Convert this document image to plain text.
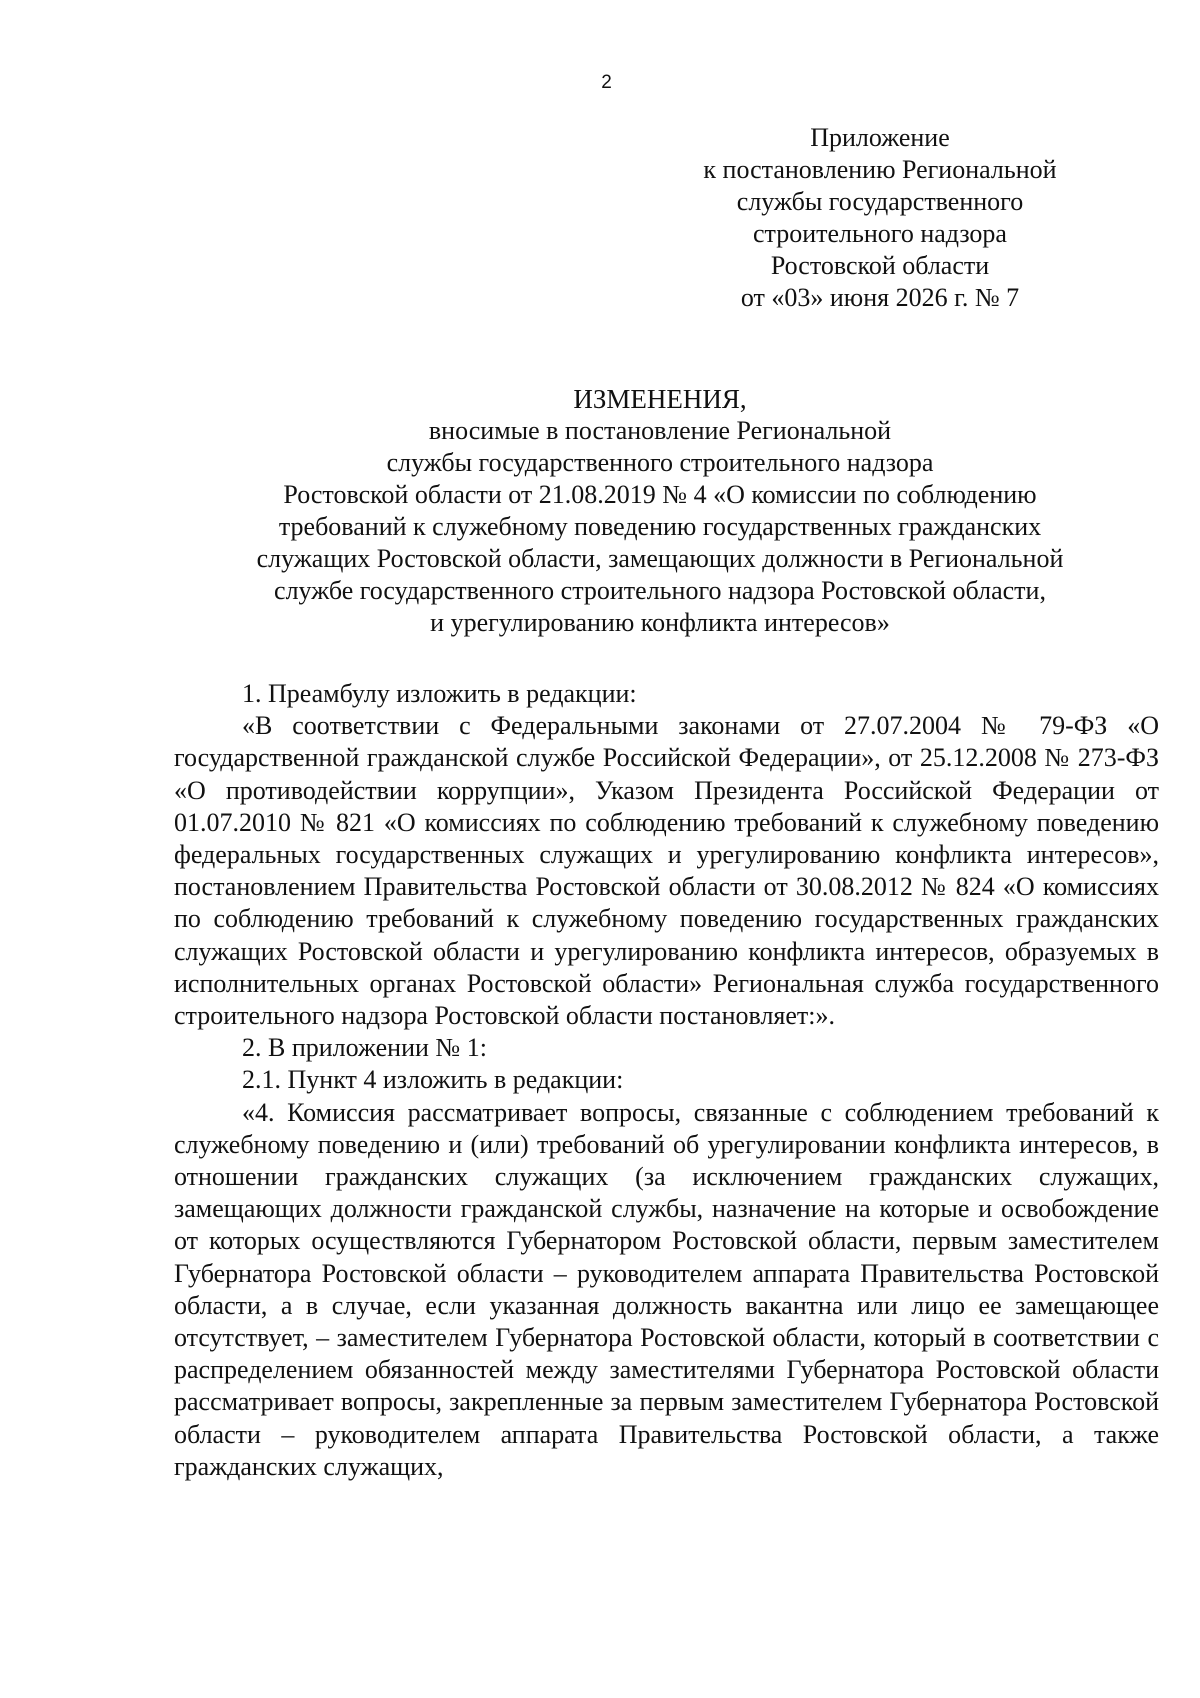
2
Приложение
к постановлению Региональной
службы государственного
строительного надзора
Ростовской области
от «03» июня 2026 г. № 7
ИЗМЕНЕНИЯ,
вносимые в постановление Региональной
службы государственного строительного надзора
Ростовской области от 21.08.2019 № 4 «О комиссии по соблюдению
требований к служебному поведению государственных гражданских
служащих Ростовской области, замещающих должности в Региональной
службе государственного строительного надзора Ростовской области,
и урегулированию конфликта интересов»

1. Преамбулу изложить в редакции:

«В соответствии с Федеральными законами от 27.07.2004 № 79-ФЗ «О государственной гражданской службе Российской Федерации», от 25.12.2008 № 273-ФЗ «О противодействии коррупции», Указом Президента Российской Федерации от 01.07.2010 № 821 «О комиссиях по соблюдению требований к служебному поведению федеральных государственных служащих и урегулированию конфликта интересов», постановлением Правительства Ростовской области от 30.08.2012 № 824 «О комиссиях по соблюдению требований к служебному поведению государственных гражданских служащих Ростовской области и урегулированию конфликта интересов, образуемых в исполнительных органах Ростовской области» Региональная служба государственного строительного надзора Ростовской области постановляет:».

2. В приложении № 1:

2.1. Пункт 4 изложить в редакции:

«4. Комиссия рассматривает вопросы, связанные с соблюдением требований к служебному поведению и (или) требований об урегулировании конфликта интересов, в отношении гражданских служащих (за исключением гражданских служащих, замещающих должности гражданской службы, назначение на которые и освобождение от которых осуществляются Губернатором Ростовской области, первым заместителем Губернатора Ростовской области – руководителем аппарата Правительства Ростовской области, а в случае, если указанная должность вакантна или лицо ее замещающее отсутствует, – заместителем Губернатора Ростовской области, который в соответствии с распределением обязанностей между заместителями Губернатора Ростовской области рассматривает вопросы, закрепленные за первым заместителем Губернатора Ростовской области – руководителем аппарата Правительства Ростовской области, а также гражданских служащих,
